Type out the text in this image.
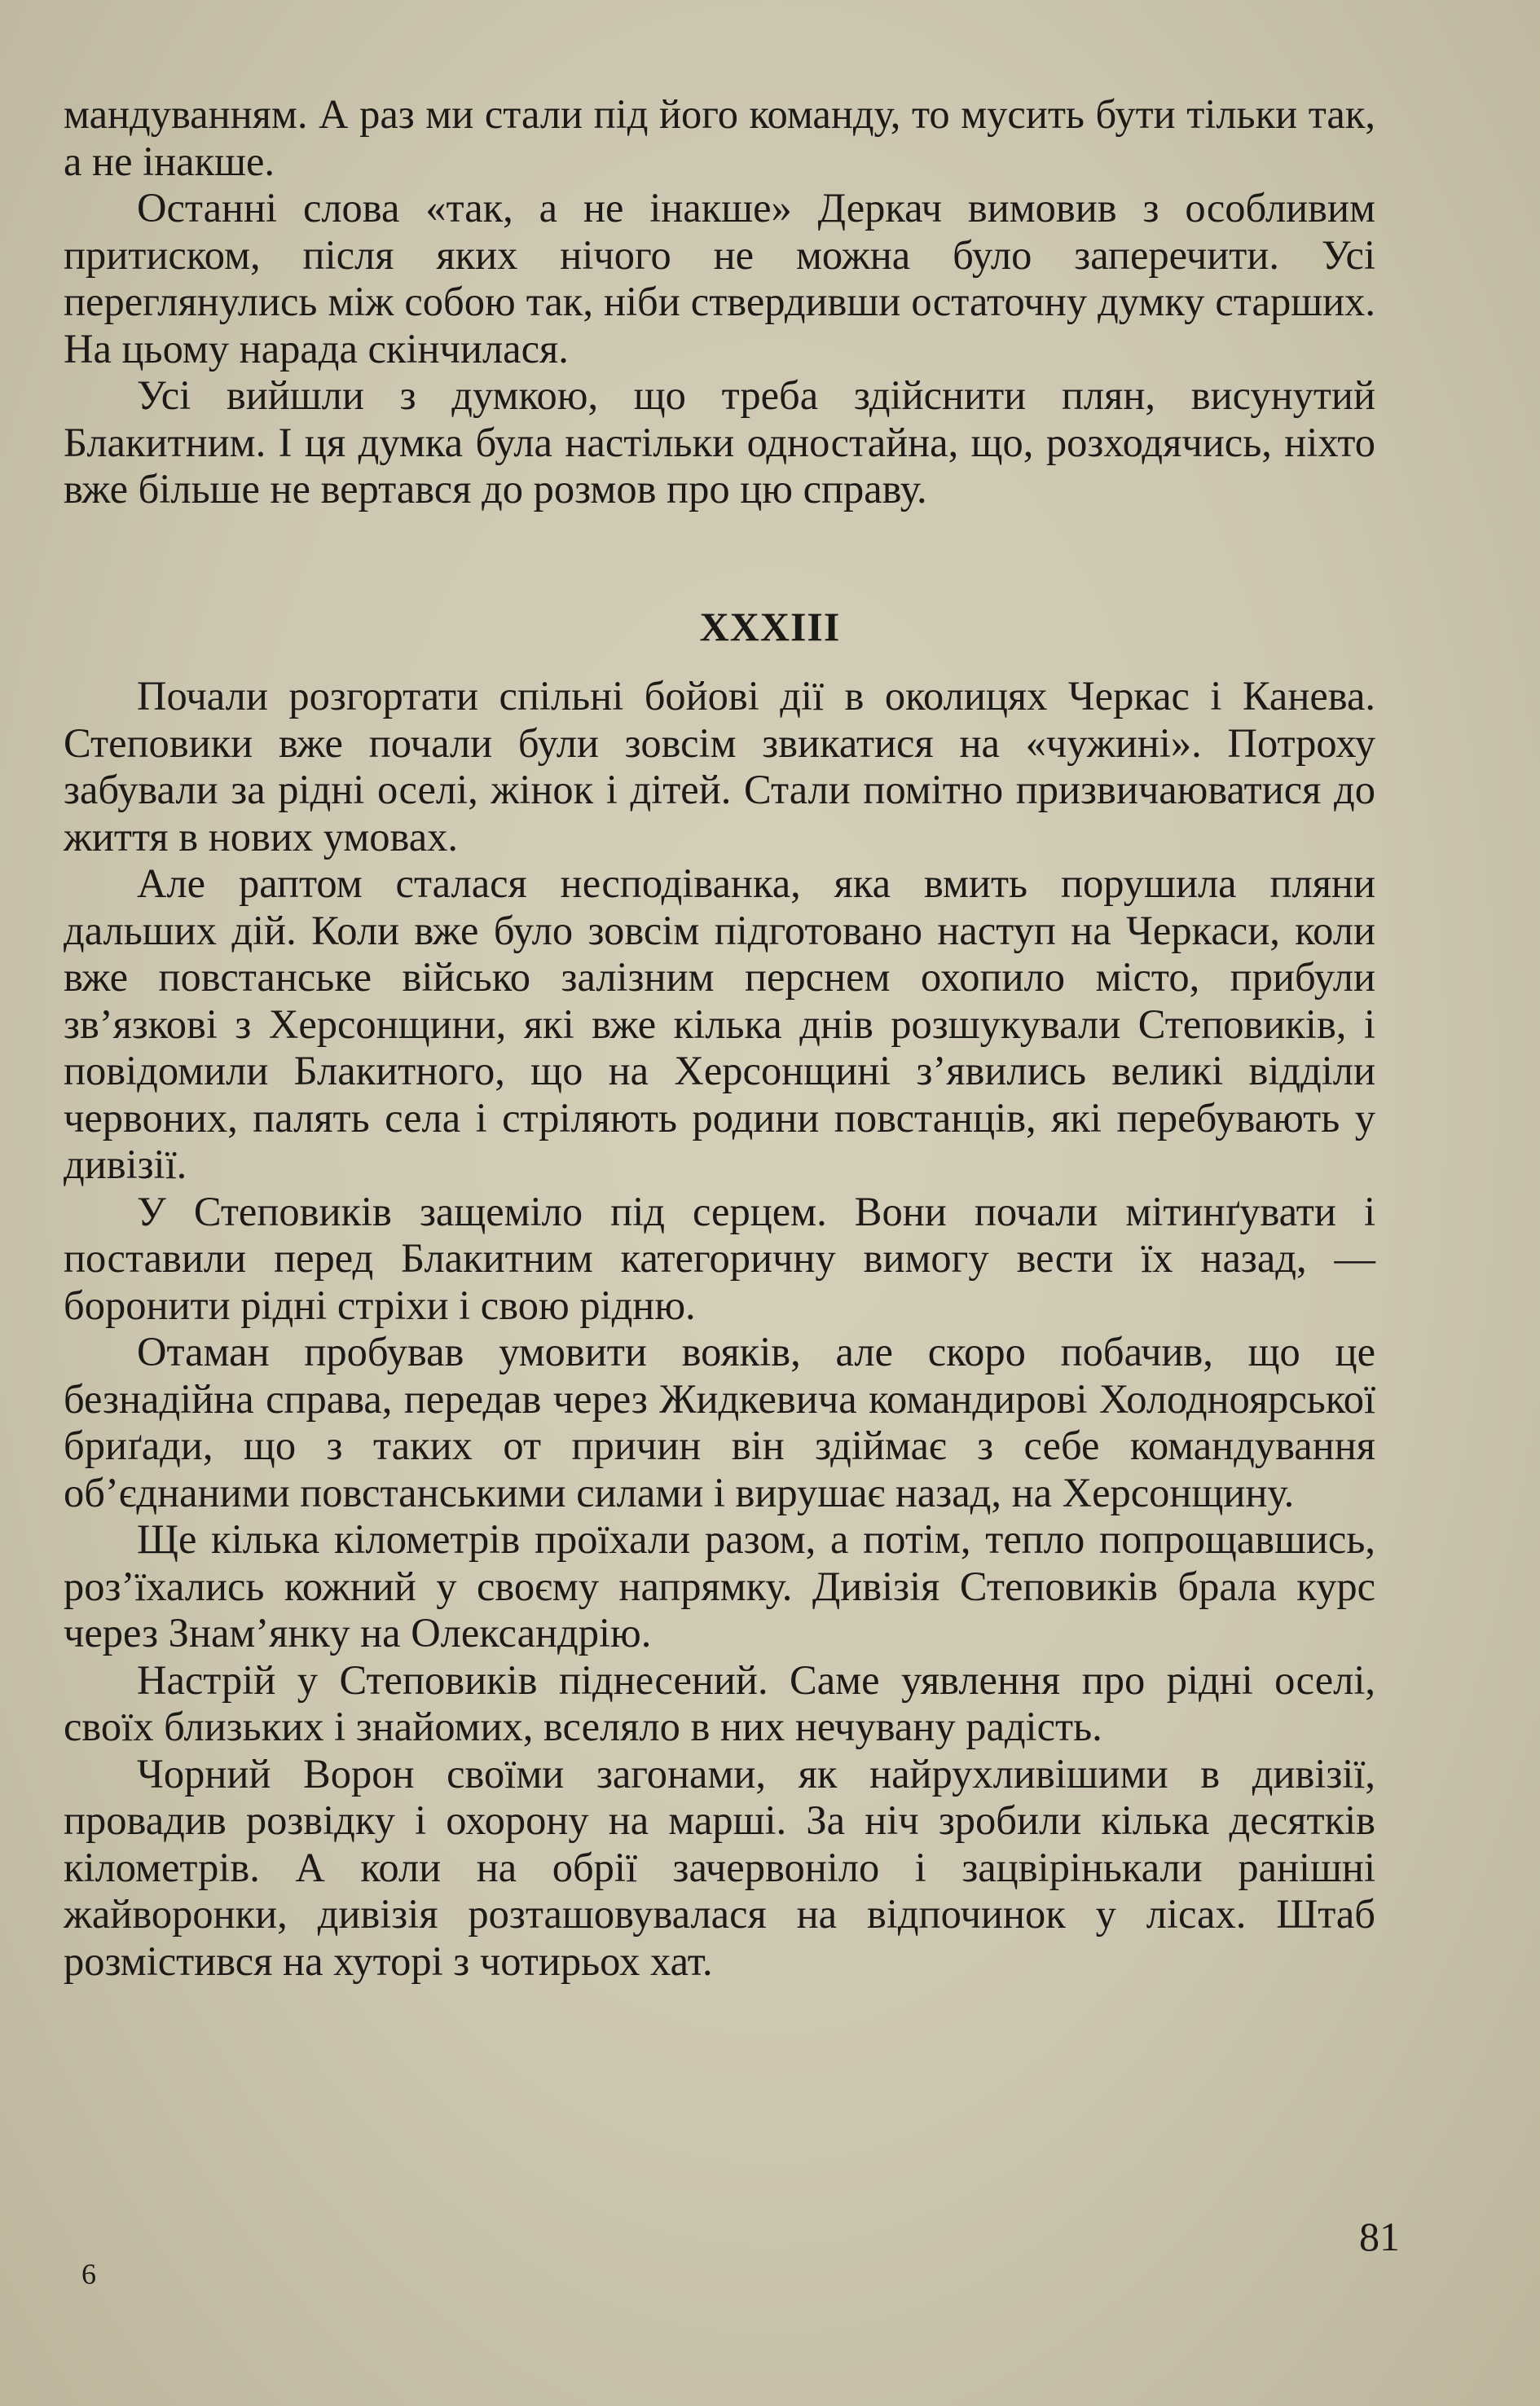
мандуванням. А раз ми стали під його команду, то мусить бути тільки так, а не інакше.

Останні слова «так, а не інакше» Деркач вимовив з особливим притиском, після яких нічого не можна було заперечити. Усі переглянулись між собою так, ніби ствердивши остаточну думку старших. На цьому нарада скінчилася.

Усі вийшли з думкою, що треба здійснити плян, висунутий Блакитним. І ця думка була настільки одностайна, що, розходячись, ніхто вже більше не вертався до розмов про цю справу.

XXXIII

Почали розгортати спільні бойові дії в околицях Черкас і Канева. Степовики вже почали були зовсім звикатися на «чужині». Потроху забували за рідні оселі, жінок і дітей. Стали помітно призвичаюватися до життя в нових умовах.

Але раптом сталася несподіванка, яка вмить порушила пляни дальших дій. Коли вже було зовсім підготовано наступ на Черкаси, коли вже повстанське військо залізним перснем охопило місто, прибули зв’язкові з Херсонщини, які вже кілька днів розшукували Степовиків, і повідомили Блакитного, що на Херсонщині з’явились великі відділи червоних, палять села і стріляють родини повстанців, які перебувають у дивізії.

У Степовиків защеміло під серцем. Вони почали мітинґувати і поставили перед Блакитним категоричну вимогу вести їх назад, — боронити рідні стріхи і свою рідню.

Отаман пробував умовити вояків, але скоро побачив, що це безнадійна справа, передав через Жидкевича командирові Холодноярської бриґади, що з таких от причин він здіймає з себе командування об’єднаними повстанськими силами і вирушає назад, на Херсонщину.

Ще кілька кілометрів проїхали разом, а потім, тепло попрощавшись, роз’їхались кожний у своєму напрямку. Дивізія Степовиків брала курс через Знам’янку на Олександрію.

Настрій у Степовиків піднесений. Саме уявлення про рідні оселі, своїх близьких і знайомих, вселяло в них нечувану радість.

Чорний Ворон своїми загонами, як найрухливішими в дивізії, провадив розвідку і охорону на марші. За ніч зробили кілька десятків кілометрів. А коли на обрії зачервоніло і зацвірінькали ранішні жайворонки, дивізія розташовувалася на відпочинок у лісах. Штаб розмістився на хуторі з чотирьох хат.

6
81
